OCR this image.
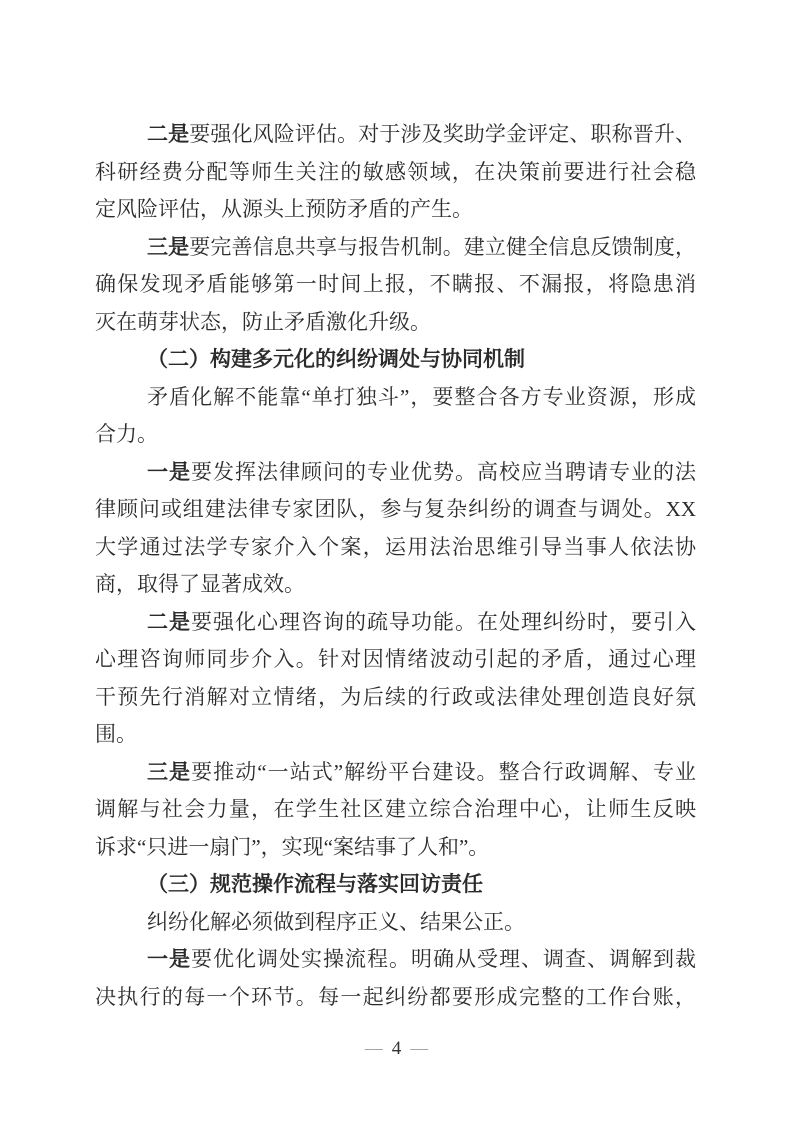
二是要强化风险评估。对于涉及奖助学金评定、职称晋升、

科研经费分配等师生关注的敏感领域，在决策前要进行社会稳

定风险评估，从源头上预防矛盾的产生。

三是要完善信息共享与报告机制。建立健全信息反馈制度，

确保发现矛盾能够第一时间上报，不瞒报、不漏报，将隐患消

灭在萌芽状态，防止矛盾激化升级。

（二）构建多元化的纠纷调处与协同机制

矛盾化解不能靠“单打独斗”，要整合各方专业资源，形成

合力。

一是要发挥法律顾问的专业优势。高校应当聘请专业的法

律顾问或组建法律专家团队，参与复杂纠纷的调查与调处。XX

大学通过法学专家介入个案，运用法治思维引导当事人依法协

商，取得了显著成效。

二是要强化心理咨询的疏导功能。在处理纠纷时，要引入

心理咨询师同步介入。针对因情绪波动引起的矛盾，通过心理

干预先行消解对立情绪，为后续的行政或法律处理创造良好氛

围。

三是要推动“一站式”解纷平台建设。整合行政调解、专业

调解与社会力量，在学生社区建立综合治理中心，让师生反映

诉求“只进一扇门”，实现“案结事了人和”。

（三）规范操作流程与落实回访责任

纠纷化解必须做到程序正义、结果公正。

一是要优化调处实操流程。明确从受理、调查、调解到裁

决执行的每一个环节。每一起纠纷都要形成完整的工作台账，

— 4 —
